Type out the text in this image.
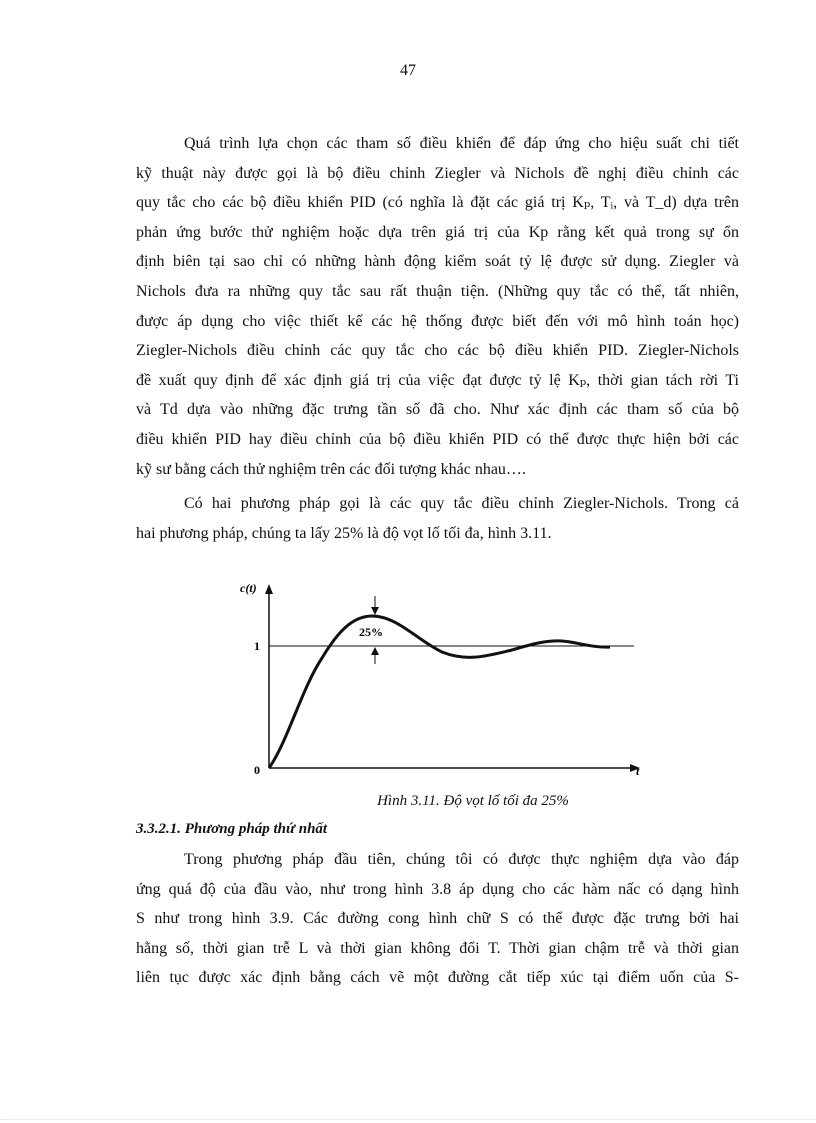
47
Quá trình lựa chọn các tham số điều khiển để đáp ứng cho hiệu suất chi tiết
kỹ thuật này được gọi là bộ điều chỉnh Ziegler và Nichols đề nghị điều chỉnh các
quy tắc cho các bộ điều khiển PID (có nghĩa là đặt các giá trị Kₚ, Tᵢ, và T_d) dựa trên
phản ứng bước thử nghiệm hoặc dựa trên giá trị của Kp rằng kết quả trong sự ổn
định biên tại sao chỉ có những hành động kiểm soát tỷ lệ được sử dụng. Ziegler và
Nichols đưa ra những quy tắc sau rất thuận tiện. (Những quy tắc có thể, tất nhiên,
được áp dụng cho việc thiết kế các hệ thống được biết đến với mô hình toán học)
Ziegler-Nichols điều chỉnh các quy tắc cho các bộ điều khiển PID. Ziegler-Nichols
đề xuất quy định để xác định giá trị của việc đạt được tỷ lệ Kₚ, thời gian tách rời Ti
và Td dựa vào những đặc trưng tần số đã cho. Như xác định các tham số của bộ
điều khiển PID hay điều chỉnh của bộ điều khiển PID có thể được thực hiện bởi các
kỹ sư bằng cách thử nghiệm trên các đối tượng khác nhau….
Có hai phương pháp gọi là các quy tắc điều chỉnh Ziegler-Nichols. Trong cả
hai phương pháp, chúng ta lấy 25% là độ vọt lố tối đa, hình 3.11.
25%
c(t)
1
0	t
Hình 3.11. Độ vọt lố tối đa 25%
3.3.2.1. Phương pháp thứ nhất
Trong phương pháp đầu tiên, chúng tôi có được thực nghiệm dựa vào đáp
ứng quá độ của đầu vào, như trong hình 3.8 áp dụng cho các hàm nấc có dạng hình
S như trong hình 3.9. Các đường cong hình chữ S có thể được đặc trưng bởi hai
hằng số, thời gian trễ L và thời gian không đổi T. Thời gian chậm trễ và thời gian
liên tục được xác định bằng cách vẽ một đường cắt tiếp xúc tại điểm uốn của S-
